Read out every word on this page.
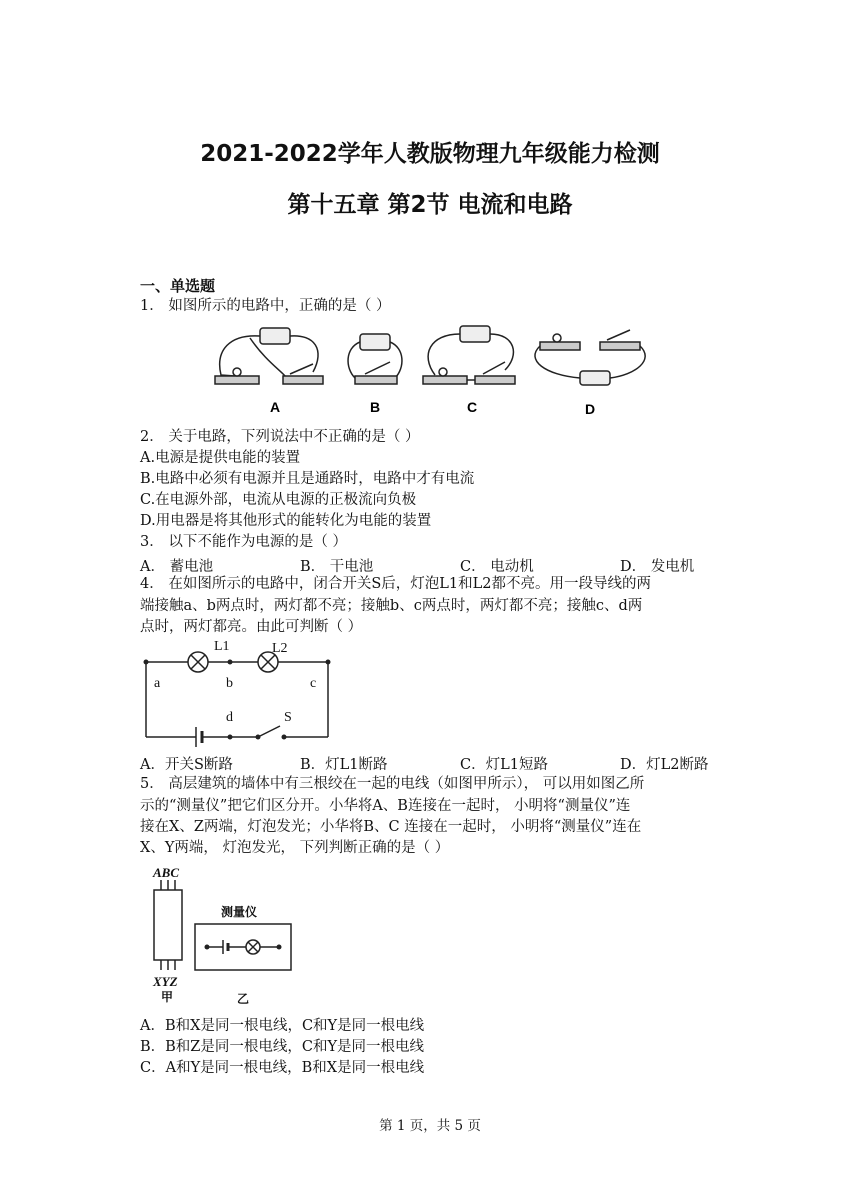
2021-2022学年人教版物理九年级能力检测
第十五章 第2节 电流和电路
一、单选题
1． 如图所示的电路中，正确的是（ ）
A	B	C	D
2． 关于电路，下列说法中不正确的是（ ）
A.电源是提供电能的装置
B.电路中必须有电源并且是通路时，电路中才有电流
C.在电源外部，电流从电源的正极流向负极
D.用电器是将其他形式的能转化为电能的装置
3． 以下不能作为电源的是（ ）
A． 蓄电池	B． 干电池	C． 电动机	D． 发电机
4． 在如图所示的电路中，闭合开关S后，灯泡L1和L2都不亮。用一段导线的两
端接触a、b两点时，两灯都不亮；接触b、c两点时，两灯都不亮；接触c、d两
点时，两灯都亮。由此可判断（ ）
L1	L2
a	b	c
d	S
A．开关S断路	B．灯L1断路	C．灯L1短路	D．灯L2断路
5． 高层建筑的墙体中有三根绞在一起的电线（如图甲所示）， 可以用如图乙所
示的“测量仪”把它们区分开。小华将A、B连接在一起时， 小明将“测量仪”连
接在X、Z两端，灯泡发光；小华将B、C 连接在一起时， 小明将“测量仪”连在
X、Y两端， 灯泡发光， 下列判断正确的是（ ）
ABC
XYZ
甲	乙
测量仪
A．B和X是同一根电线，C和Y是同一根电线
B．B和Z是同一根电线，C和Y是同一根电线
C．A和Y是同一根电线，B和X是同一根电线
第 1 页，共 5 页
